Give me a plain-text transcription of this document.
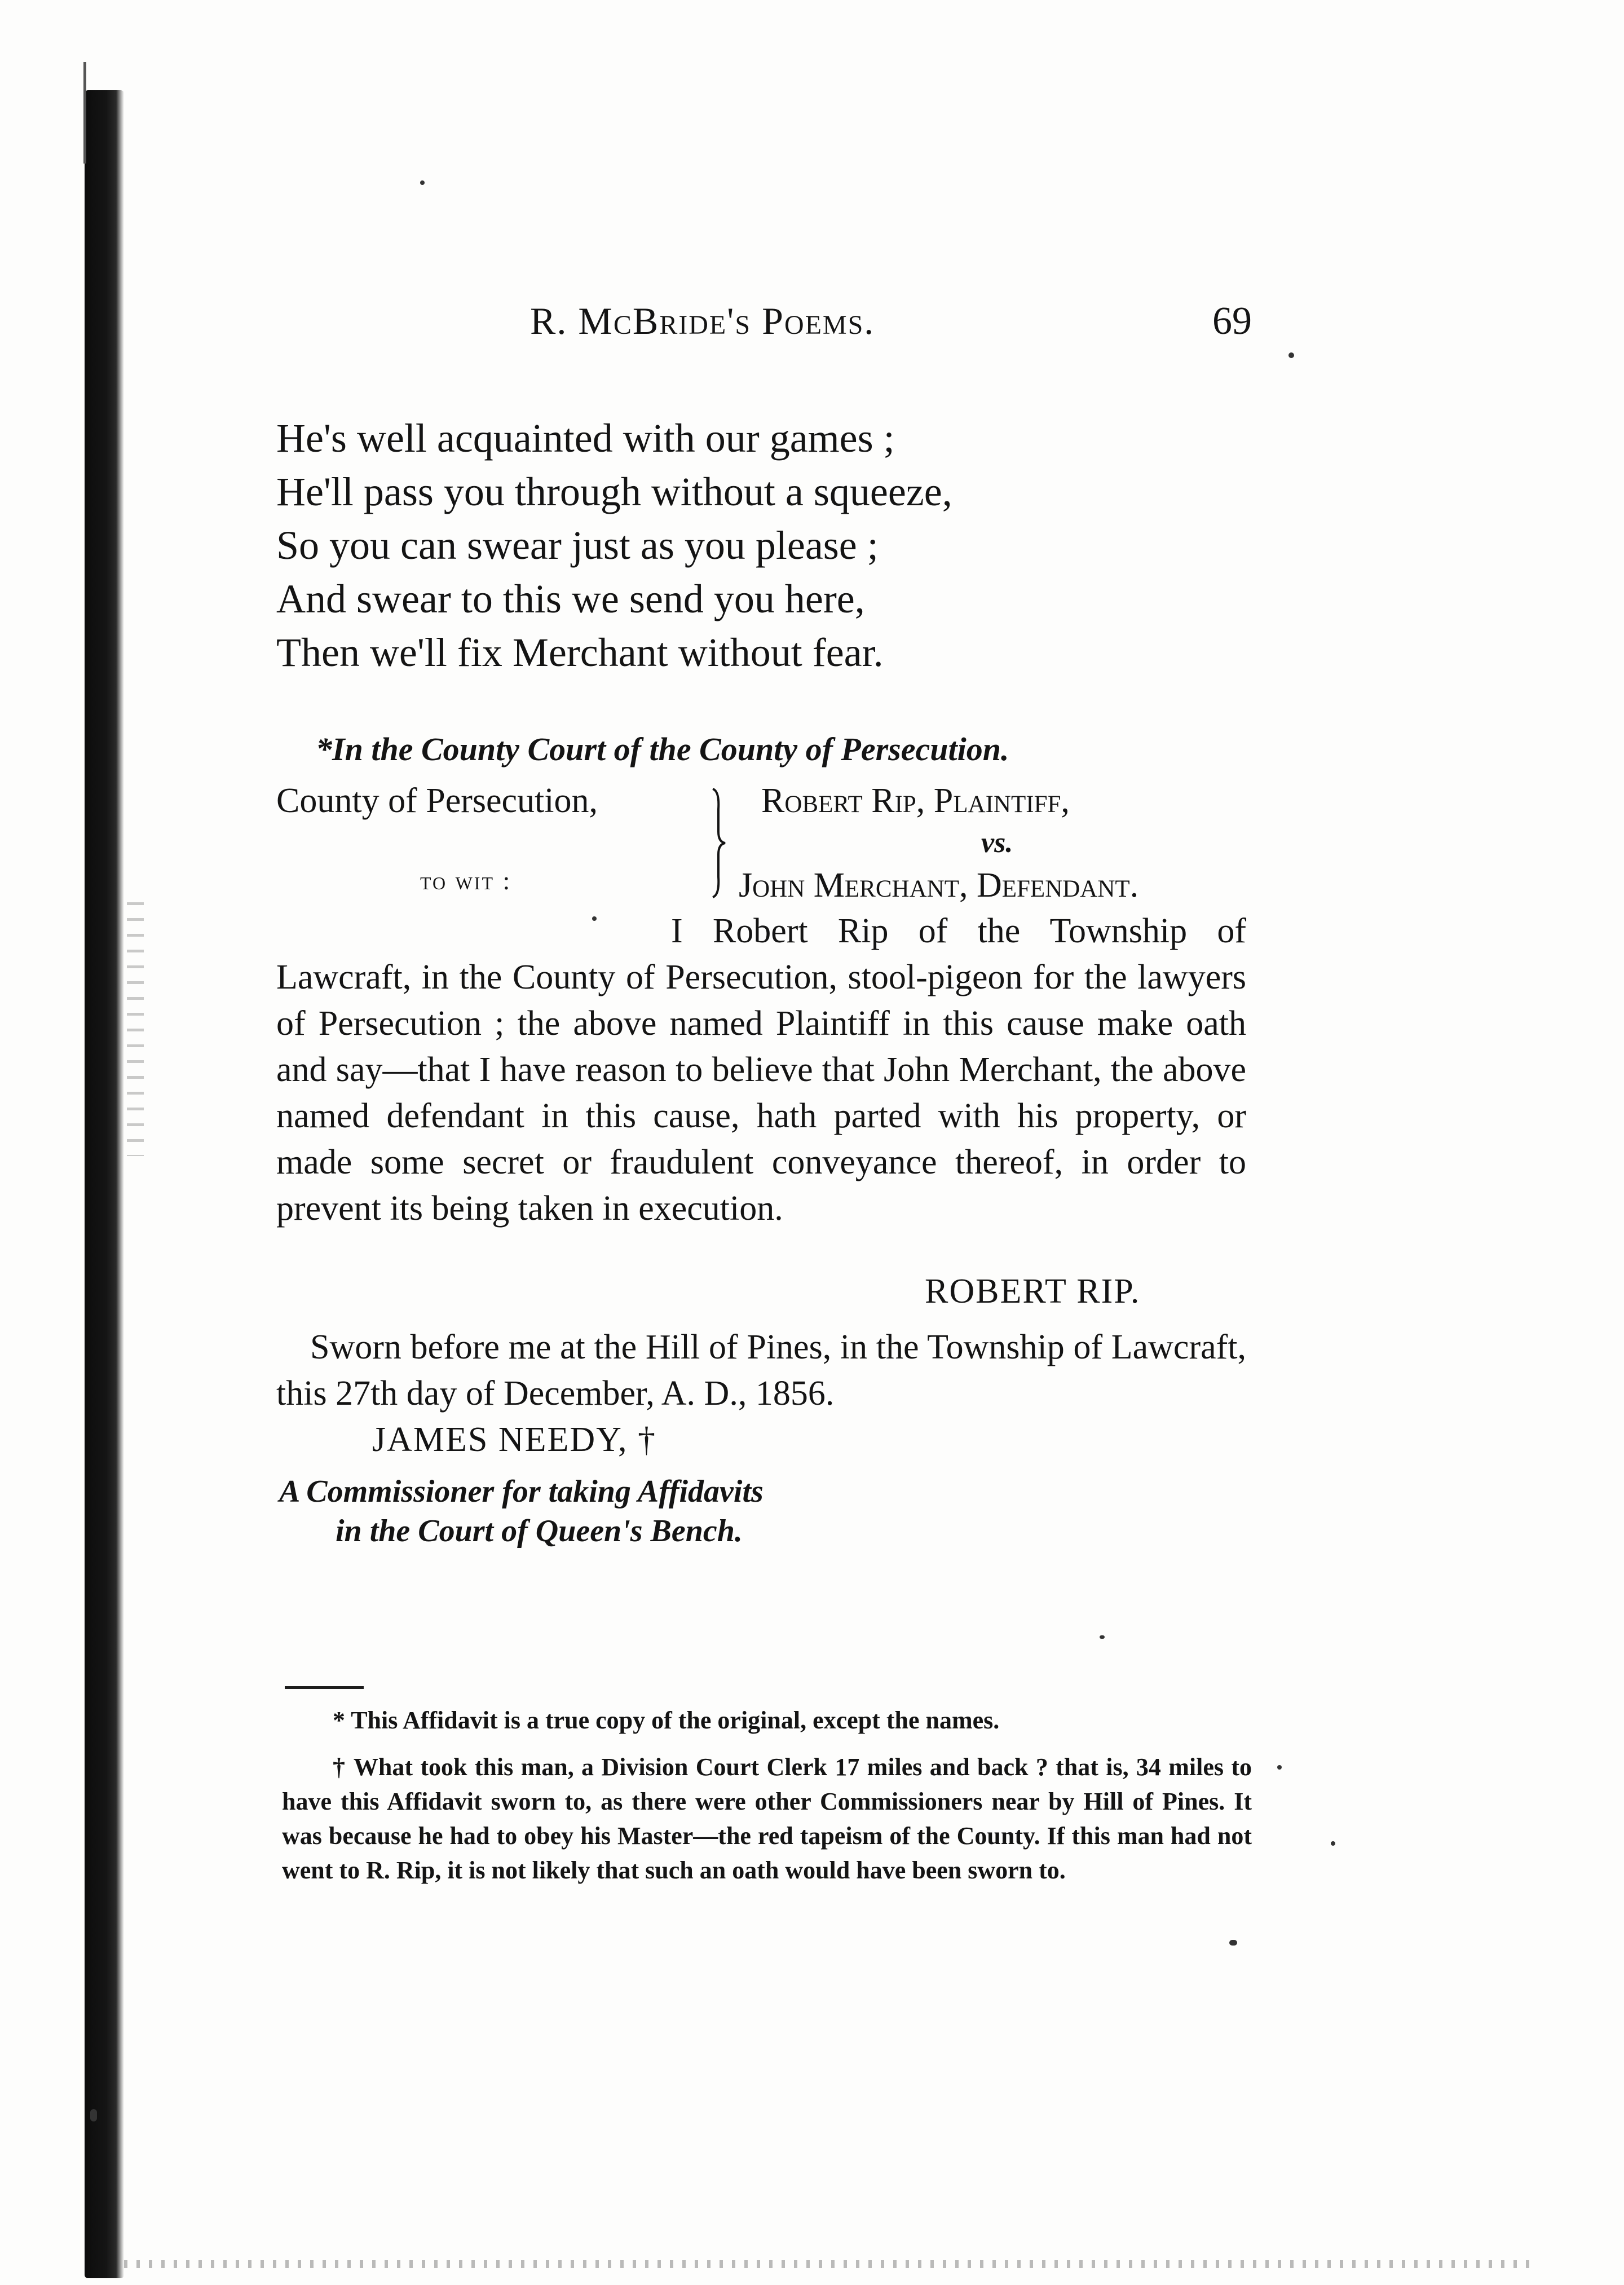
R. McBride's Poems.	69
He's well acquainted with our games ;
He'll pass you through without a squeeze,
So you can swear just as you please ;
And swear to this we send you here,
Then we'll fix Merchant without fear.
*In the County Court of the County of Persecution.
County of Persecution,
to wit :
Robert Rip, Plaintiff,
vs.
John Merchant, Defendant.

I Robert Rip of the Township of Lawcraft, in the County of Persecution, stool-pigeon for the lawyers of Persecution ; the above named Plaintiff in this cause make oath and say—that I have reason to believe that John Merchant, the above named defendant in this cause, hath parted with his property, or made some secret or fraudulent conveyance thereof, in order to prevent its being taken in execution.

ROBERT RIP.

Sworn before me at the Hill of Pines, in the Township of Lawcraft, this 27th day of December, A. D., 1856.

JAMES NEEDY, †
A Commissioner for taking Affidavits
in the Court of Queen's Bench.

* This Affidavit is a true copy of the original, except the names.

† What took this man, a Division Court Clerk 17 miles and back ? that is, 34 miles to have this Affidavit sworn to, as there were other Commissioners near by Hill of Pines. It was because he had to obey his Master—the red tapeism of the County. If this man had not went to R. Rip, it is not likely that such an oath would have been sworn to.
